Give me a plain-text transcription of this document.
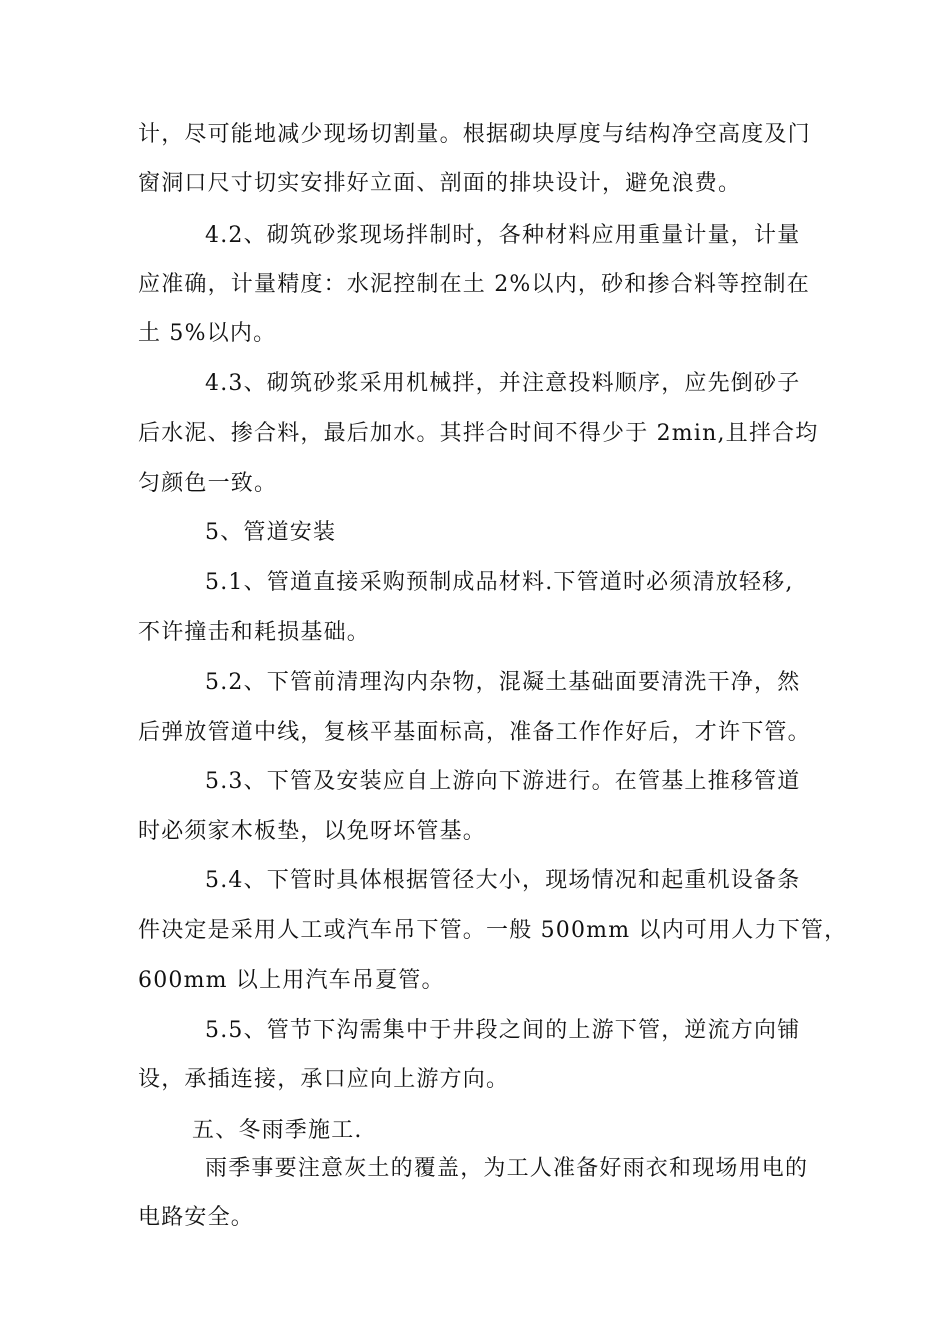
计，尽可能地减少现场切割量。根据砌块厚度与结构净空高度及门
窗洞口尺寸切实安排好立面、剖面的排块设计，避免浪费。
4.2、砌筑砂浆现场拌制时，各种材料应用重量计量，计量
应准确，计量精度：水泥控制在土 2%以内，砂和掺合料等控制在
土 5%以内。
4.3、砌筑砂浆采用机械拌，并注意投料顺序，应先倒砂子
后水泥、掺合料，最后加水。其拌合时间不得少于 2min,且拌合均
匀颜色一致。
5、管道安装
5.1、管道直接采购预制成品材料.下管道时必须清放轻移,
不许撞击和耗损基础。
5.2、下管前清理沟内杂物，混凝土基础面要清洗干净，然
后弹放管道中线，复核平基面标高，准备工作作好后，才许下管。
5.3、下管及安装应自上游向下游进行。在管基上推移管道
时必须家木板垫，以免呀坏管基。
5.4、下管时具体根据管径大小，现场情况和起重机设备条
件决定是采用人工或汽车吊下管。一般 500mm 以内可用人力下管，
600mm 以上用汽车吊夏管。
5.5、管节下沟需集中于井段之间的上游下管，逆流方向铺
设，承插连接，承口应向上游方向。
五、冬雨季施工.
雨季事要注意灰土的覆盖，为工人准备好雨衣和现场用电的
电路安全。
